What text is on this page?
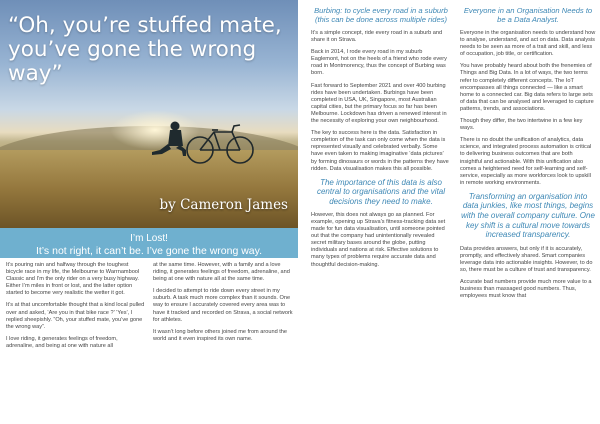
“Oh, you’re stuffed mate, you’ve gone the wrong way”
by Cameron James
I’m Lost!
It’s not right, it can’t be. I’ve gone the wrong way.

It’s pouring rain and halfway through the toughest bicycle race in my life, the Melbourne to Warrnambool Classic and I’m the only rider on a very busy highway. Either I’m miles in front or lost, and the latter option started to become very realistic the wetter it got.

It’s at that uncomfortable thought that a kind local pulled over and asked, ‘Are you in that bike race ?’ ‘Yes’, I replied sheepishly. “Oh, your stuffed mate, you’ve gone the wrong way”.

I love riding, it generates feelings of freedom, adrenaline, and being at one with nature all

at the same time. However, with a family and a love riding, it generates feelings of freedom, adrenaline, and being at one with nature all at the same time.

I decided to attempt to ride down every street in my suburb. A task much more complex than it sounds. One way to ensure I accurately covered every area was to have it tracked and recorded on Strava, a social network for athletes.

It wasn’t long before others joined me from around the world and it even inspired its own name.

Burbing: to cycle every road in a suburb (this can be done across multiple rides)

It’s a simple concept, ride every road in a suburb and share it on Strava.

Back in 2014, I rode every road in my suburb Eaglemont, hot on the heels of a friend who rode every road in Montmorency, thus the concept of Burbing was born.

Fast forward to September 2021 and over 400 burbing rides have been undertaken. Burbings have been completed in USA, UK, Singapore, most Australian capital cities, but the primary focus so far has been Melbourne. Lockdown has driven a renewed interest in the necessity of exploring your own neighbourhood.

The key to success here is the data. Satisfaction in completion of the task can only come when the data is represented visually and celebrated verbally. Some have even taken to making imaginative ‘data pictures’ by forming dinosaurs or words in the patterns they have ridden. Data visualisation makes this all possible.

The importance of this data is also central to organisations and the vital decisions they need to make.

However, this does not always go as planned. For example, opening up Strava’s fitness-tracking data set made for fun data visualisation, until someone pointed out that the company had unintentionally revealed secret military bases around the globe, putting individuals and nations at risk. Effective solutions to many types of problems require accurate data and thoughtful decision-making.

Everyone in an Organisation Needs to be a Data Analyst.

Everyone in the organisation needs to understand how to analyse, understand, and act on data. Data analysis needs to be seen as more of a trait and skill, and less of occupation, job title, or certification.

You have probably heard about both the frenemies of Things and Big Data. In a lot of ways, the two terms refer to completely different concepts. The IoT encompasses all things connected — like a smart home to a connected car. Big data refers to large sets of data that can be analysed and leveraged to capture patterns, trends, and associations.

Though they differ, the two intertwine in a few key ways.

There is no doubt the unification of analytics, data science, and integrated process automation is critical to delivering business outcomes that are both insightful and actionable. With this unification also comes a heightened need for self-learning and self-service, especially as more workforces look to upskill in remote working environments.

Transforming an organisation into data junkies, like most things, begins with the overall company culture. One key shift is a cultural move towards increased transparency.

Data provides answers, but only if it is accurately, promptly, and effectively shared. Smart companies leverage data into actionable insights. However, to do so, there must be a culture of trust and transparency.

Accurate bad numbers provide much more value to a business than massaged good numbers. Thus, employees must know that
